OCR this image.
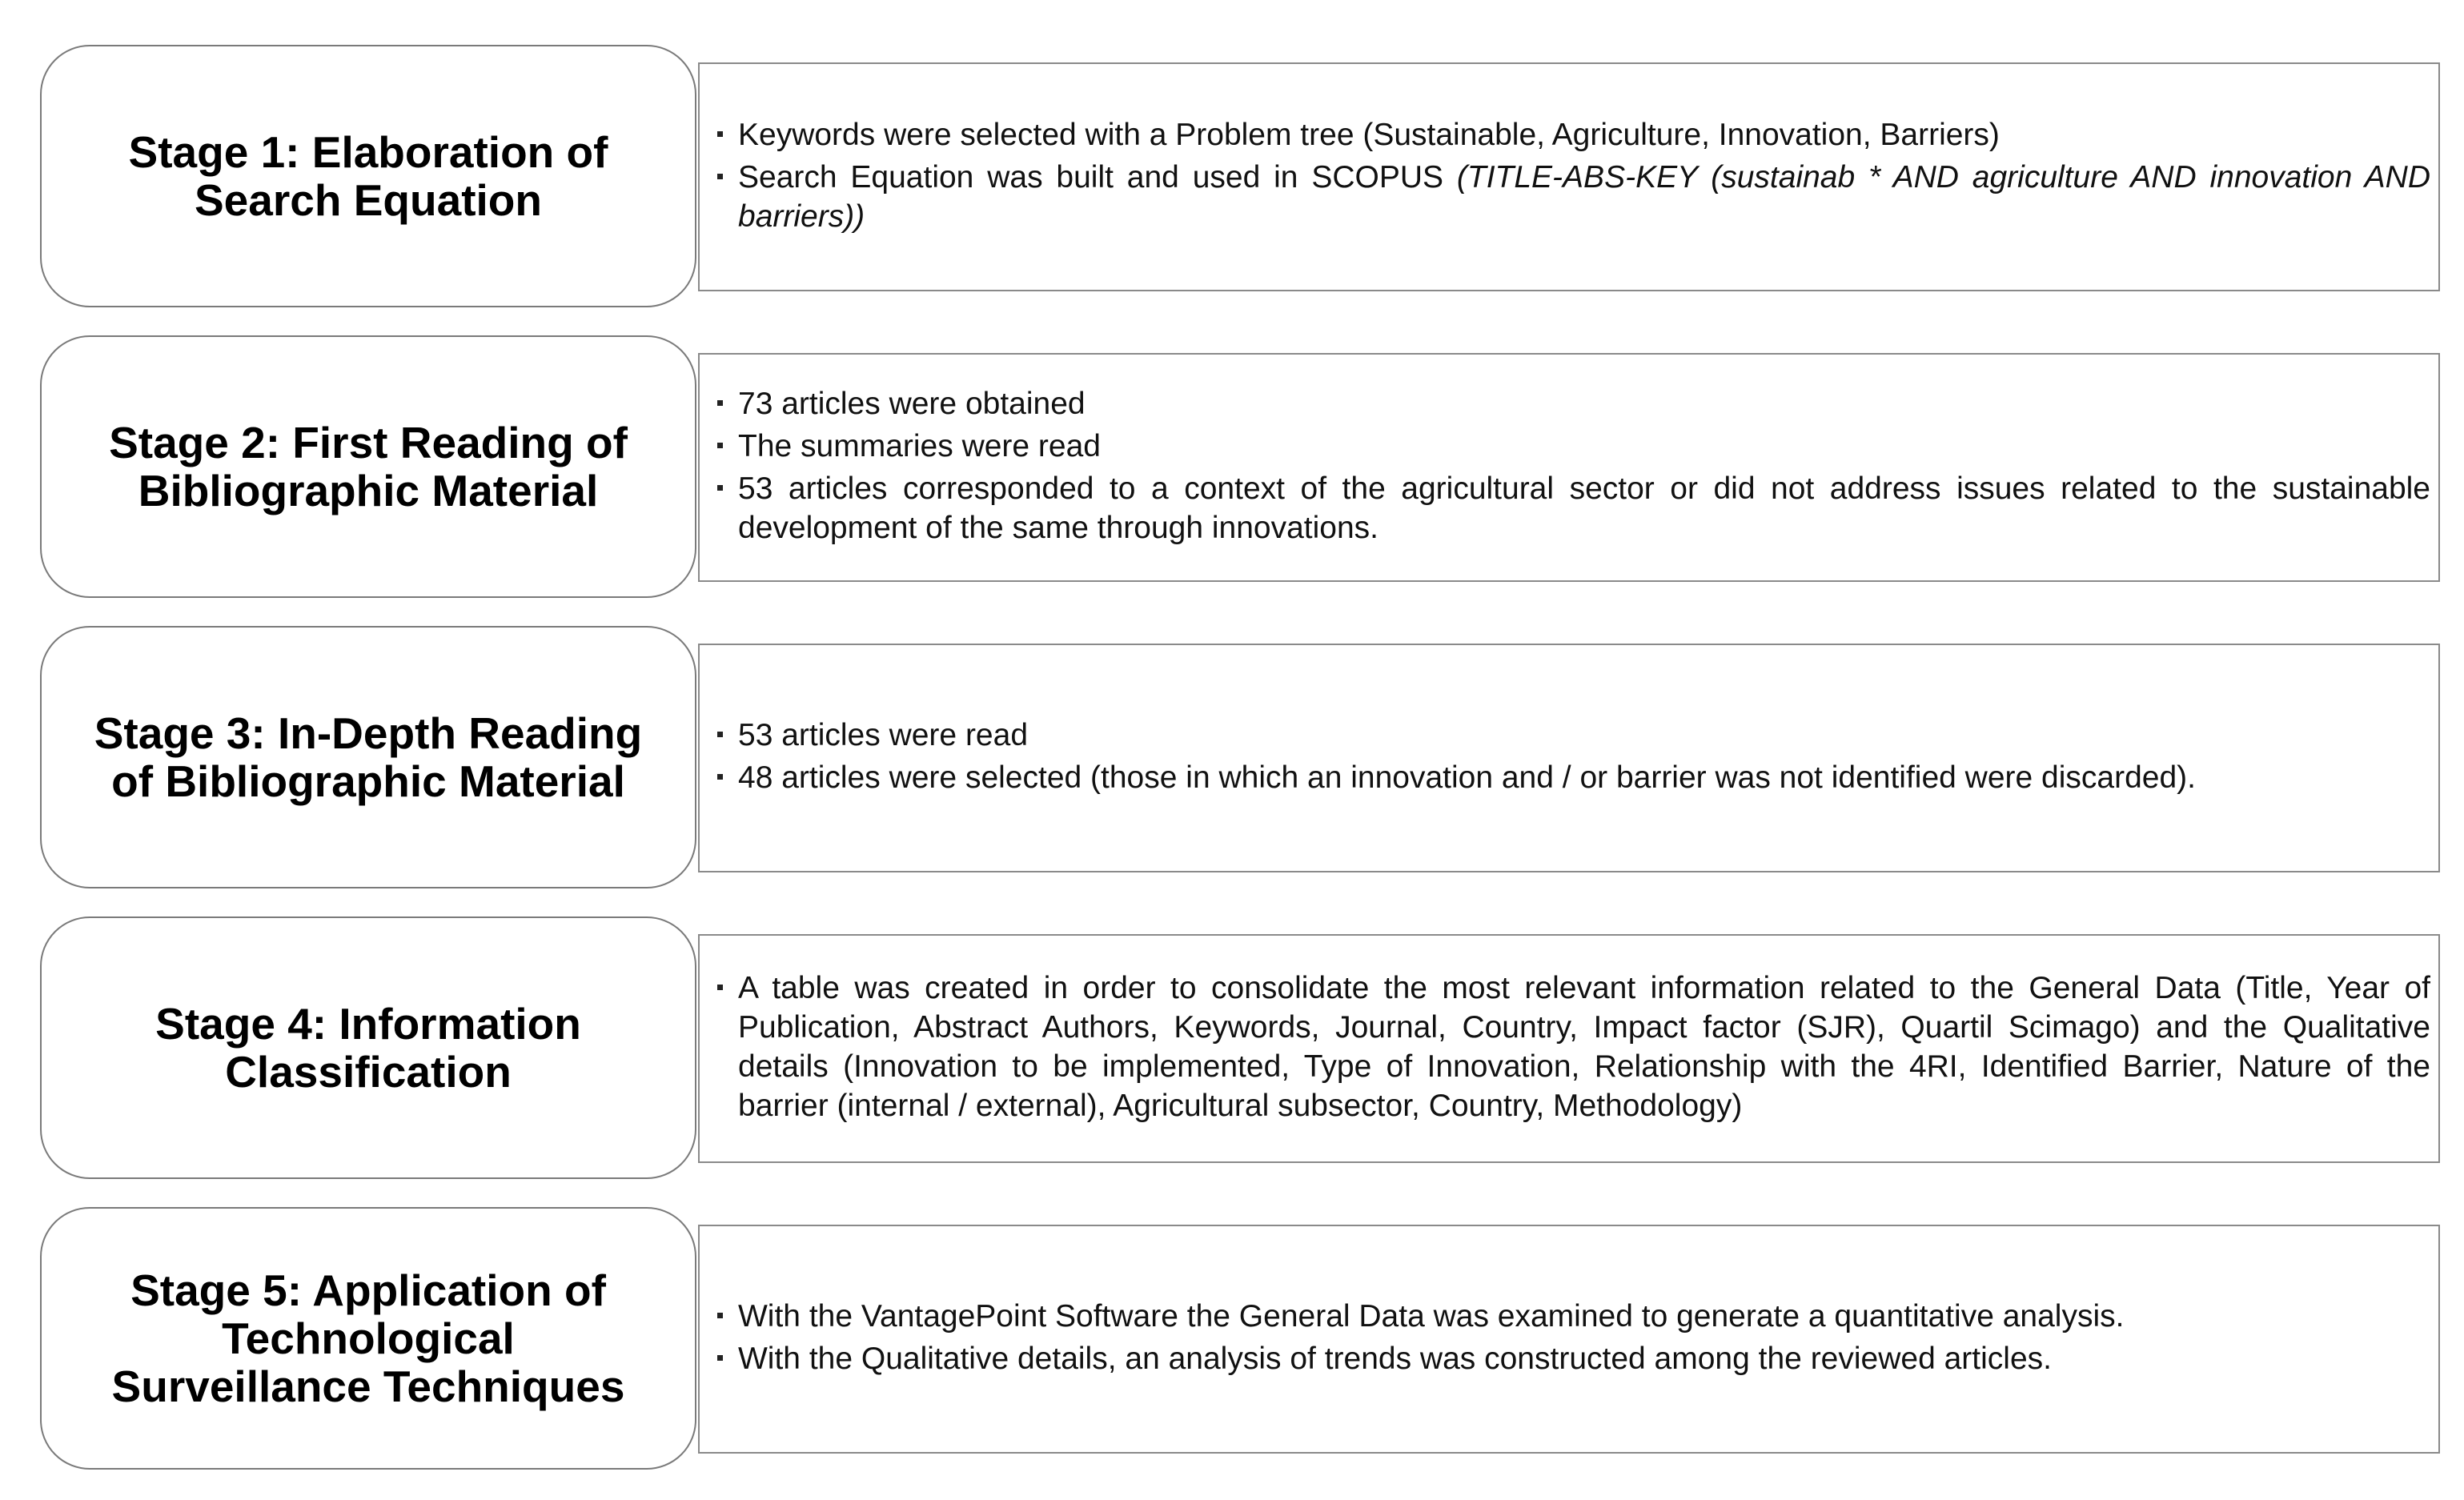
Stage 1: Elaboration of
Search Equation
Keywords were selected with a Problem tree (Sustainable, Agriculture, Innovation, Barriers)
Search Equation was built and used in SCOPUS (TITLE-ABS-KEY (sustainab * AND agriculture AND innovation AND barriers))
Stage 2: First Reading of
Bibliographic Material
73 articles were obtained
The summaries were read
53 articles corresponded to a context of the agricultural sector or did not address issues related to the sustainable development of the same through innovations.
Stage 3: In-Depth Reading
of Bibliographic Material
53 articles were read
48 articles were selected (those in which an innovation and / or barrier was not identified were discarded).
Stage 4: Information
Classification
A table was created in order to consolidate the most relevant information related to the General Data (Title, Year of Publication, Abstract Authors, Keywords, Journal, Country, Impact factor (SJR), Quartil Scimago) and the Qualitative details (Innovation to be implemented, Type of Innovation, Relationship with the 4RI, Identified Barrier, Nature of the barrier (internal / external), Agricultural subsector, Country, Methodology)
Stage 5: Application of
Technological
Surveillance Techniques
With the VantagePoint Software the General Data was examined to generate a quantitative analysis.
With the Qualitative details, an analysis of trends was constructed among the reviewed articles.
